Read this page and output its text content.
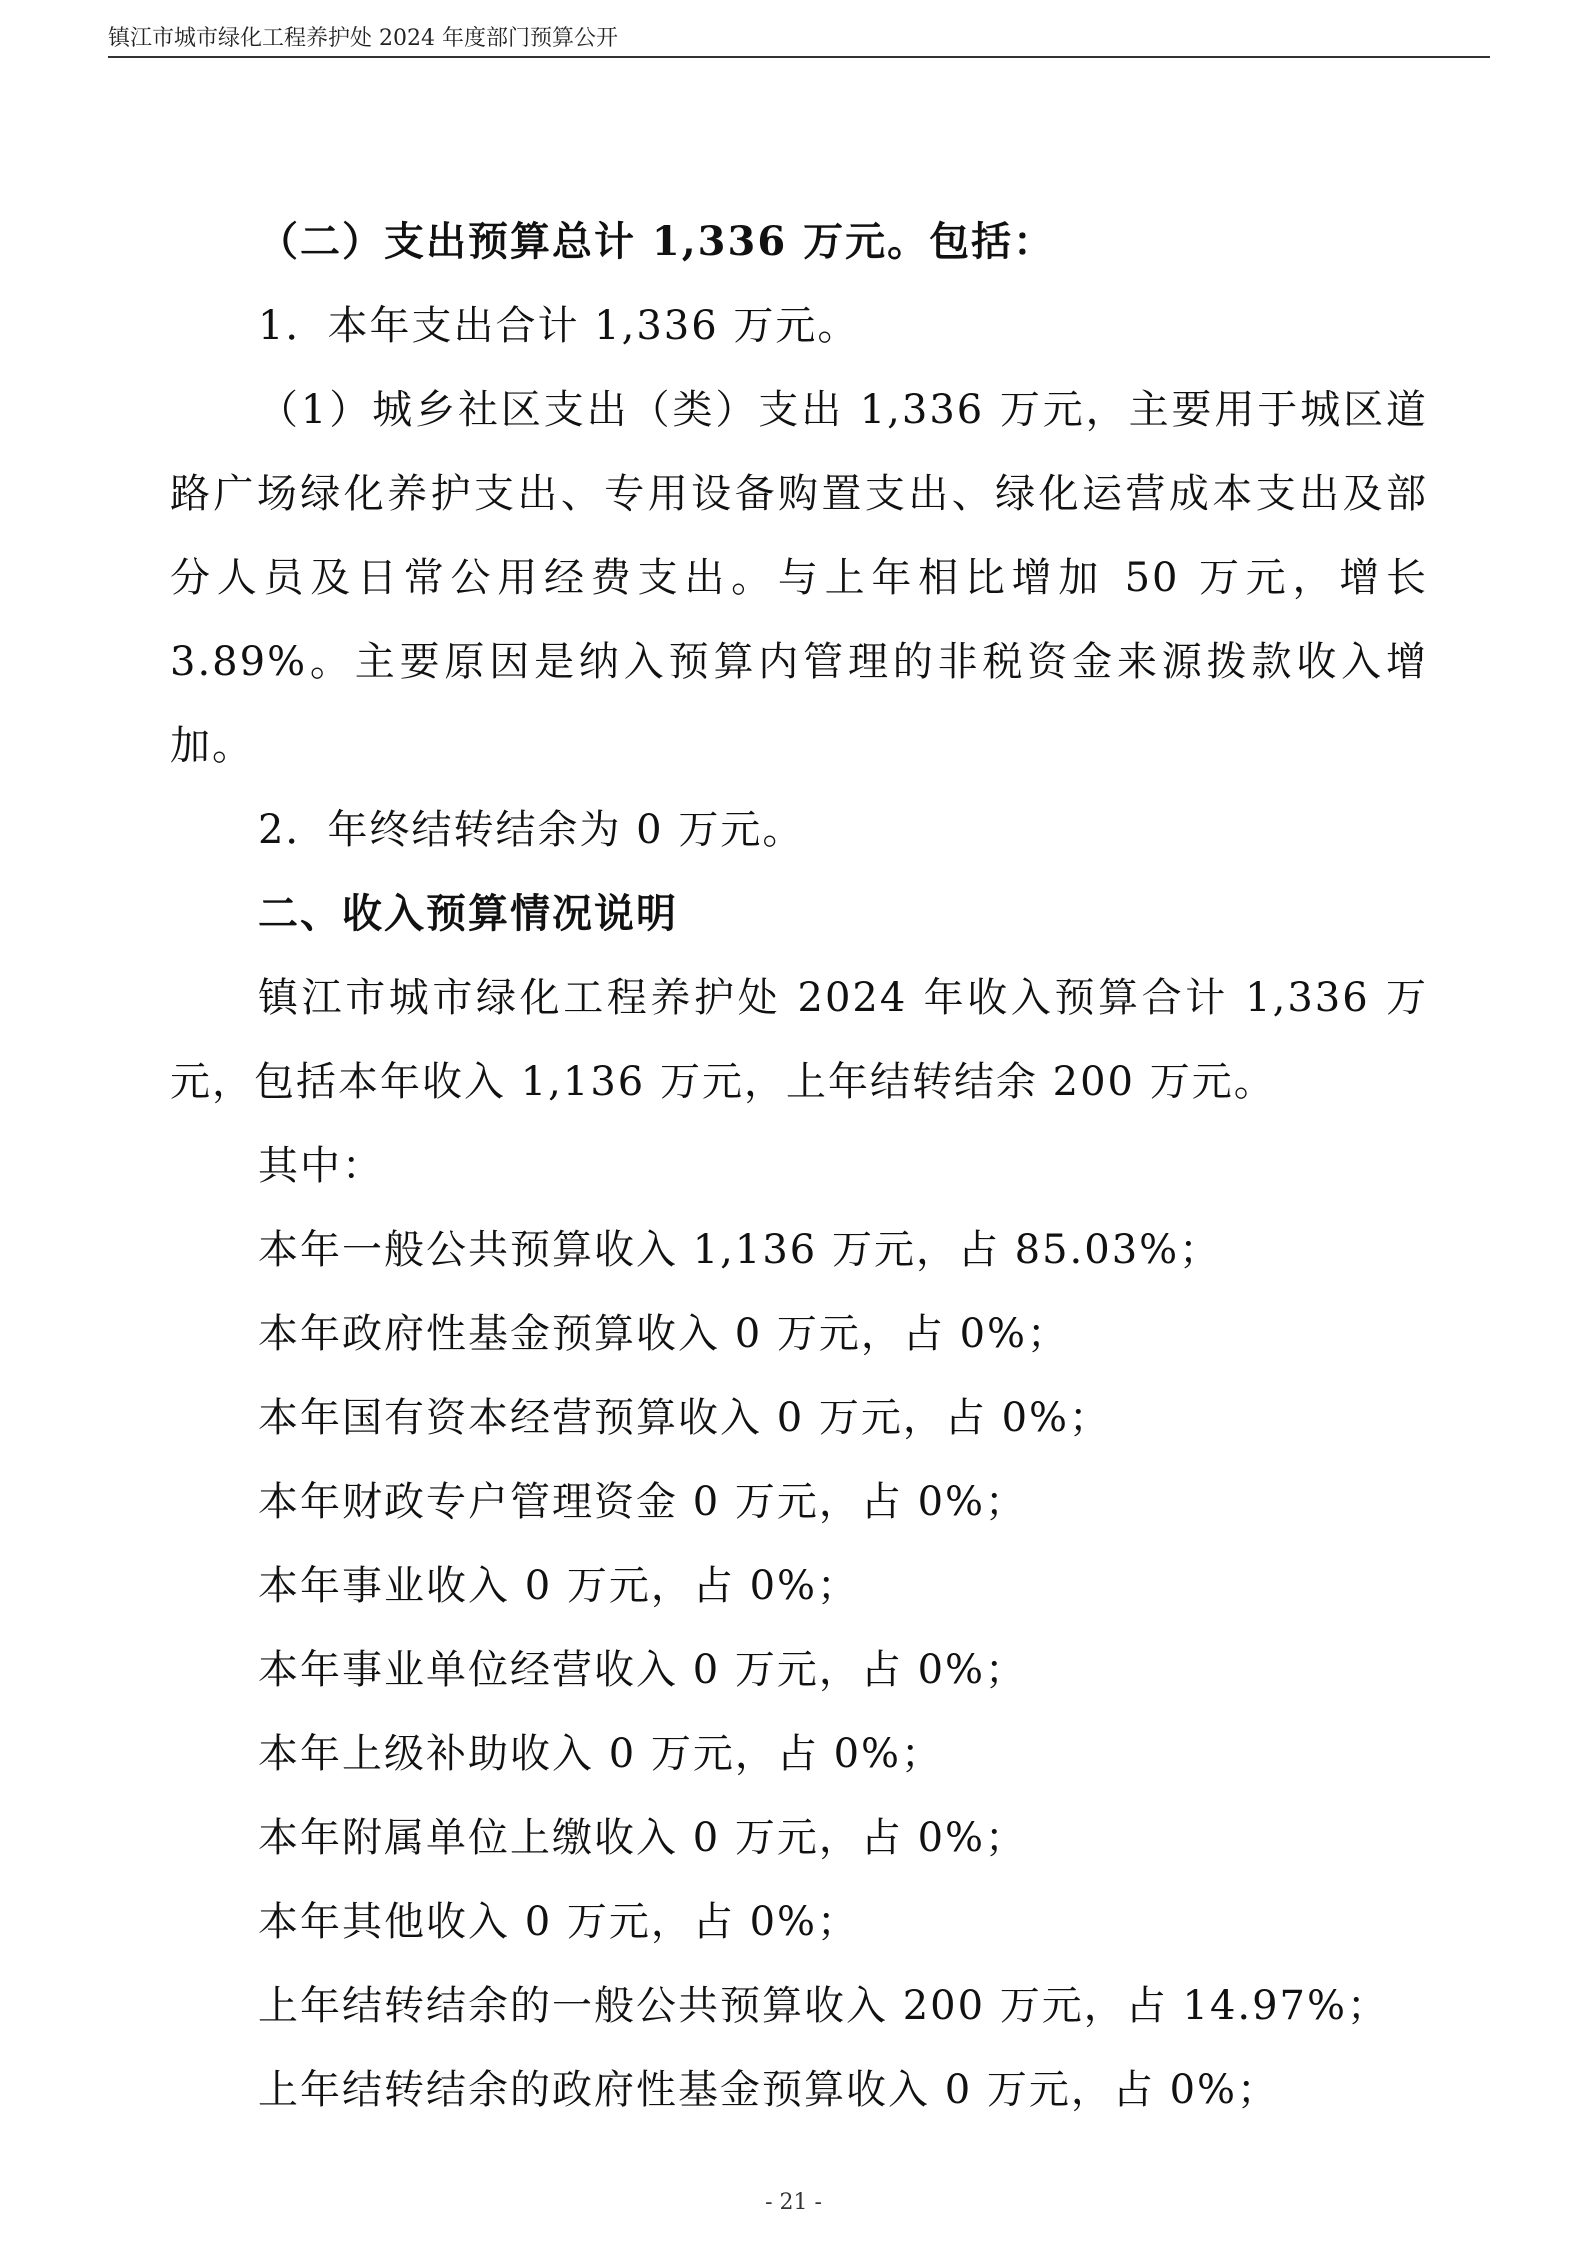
镇江市城市绿化工程养护处 2024 年度部门预算公开
（二）支出预算总计 1,336 万元。包括：
1．本年支出合计 1,336 万元。
（1）城乡社区支出（类）支出 1,336 万元，主要用于城区道
路广场绿化养护支出、专用设备购置支出、绿化运营成本支出及部
分人员及日常公用经费支出。与上年相比增加 50 万元，增长
3.89%。主要原因是纳入预算内管理的非税资金来源拨款收入增
加。
2．年终结转结余为 0 万元。
二、收入预算情况说明
镇江市城市绿化工程养护处 2024 年收入预算合计 1,336 万
元，包括本年收入 1,136 万元，上年结转结余 200 万元。
其中：
本年一般公共预算收入 1,136 万元，占 85.03%；
本年政府性基金预算收入 0 万元，占 0%；
本年国有资本经营预算收入 0 万元，占 0%；
本年财政专户管理资金 0 万元，占 0%；
本年事业收入 0 万元，占 0%；
本年事业单位经营收入 0 万元，占 0%；
本年上级补助收入 0 万元，占 0%；
本年附属单位上缴收入 0 万元，占 0%；
本年其他收入 0 万元，占 0%；
上年结转结余的一般公共预算收入 200 万元，占 14.97%；
上年结转结余的政府性基金预算收入 0 万元，占 0%；
- 21 -
